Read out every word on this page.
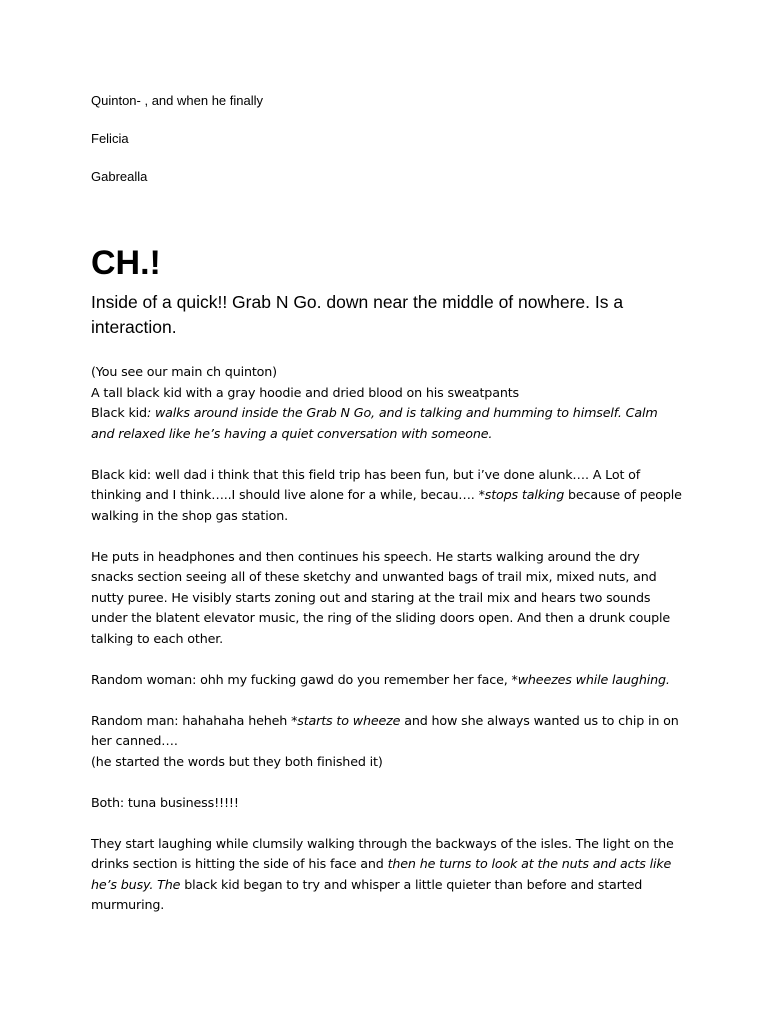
Quinton- , and when he finally

Felicia

Gabrealla

CH.!

Inside of a quick!! Grab N Go. down near the middle of nowhere. Is a interaction.

(You see our main ch quinton)
A tall black kid with a gray hoodie and dried blood on his sweatpants
Black kid: walks around inside the Grab N Go, and is talking and humming to himself. Calm and relaxed like he’s having a quiet conversation with someone.

Black kid: well dad i think that this field trip has been fun, but i’ve done alunk…. A Lot of thinking and I think…..I should live alone for a while, becau…. *stops talking because of people walking in the shop gas station.

He puts in headphones and then continues his speech. He starts walking around the dry snacks section seeing all of these sketchy and unwanted bags of trail mix, mixed nuts, and nutty puree. He visibly starts zoning out and staring at the trail mix and hears two sounds under the blatent elevator music, the ring of the sliding doors open. And then a drunk couple talking to each other.

Random woman: ohh my fucking gawd do you remember her face, *wheezes while laughing.

Random man: hahahaha heheh *starts to wheeze and how she always wanted us to chip in on her canned….
(he started the words but they both finished it)

Both: tuna business!!!!!

They start laughing while clumsily walking through the backways of the isles. The light on the drinks section is hitting the side of his face and then he turns to look at the nuts and acts like he’s busy. The black kid began to try and whisper a little quieter than before and started murmuring.
